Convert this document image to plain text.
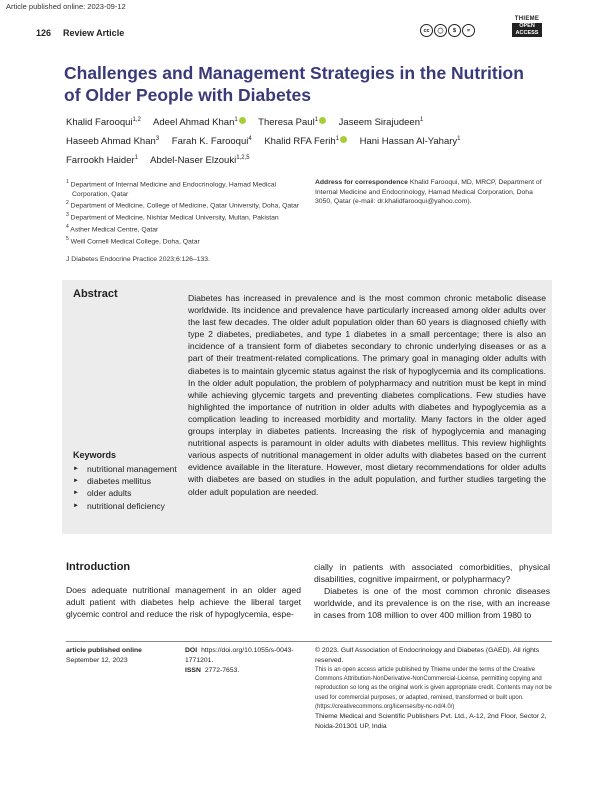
Article published online: 2023-09-12
126 Review Article	cc	◯	$	=
THIEME
OPEN ACCESS
Challenges and Management Strategies in the Nutrition of Older People with Diabetes
Khalid Farooqui$^{1,2}$ Adeel Ahmad Khan$^1$ Theresa Paul$^1$ Jaseem Sirajudeen$^1$
Haseeb Ahmad Khan$^3$ Farah K. Farooqui$^4$ Khalid RFA Ferih$^1$ Hani Hassan Al-Yahary$^1$
Farrookh Haider$^1$ Abdel-Naser Elzouki$^{1,2,5}$
$^1$ Department of Internal Medicine and Endocrinology, Hamad Medical Corporation, Qatar
$^2$ Department of Medicine, College of Medicine, Qatar University, Doha, Qatar
$^3$ Department of Medicine, Nishtar Medical University, Multan, Pakistan
$^4$ Asther Medical Centre, Qatar
$^5$ Weill Cornell Medical College, Doha, Qatar
Address for correspondence Khalid Farooqui, MD, MRCP, Department of Internal Medicine and Endocrinology, Hamad Medical Corporation, Doha 3050, Qatar (e-mail: dr.khalidfarooqui@yahoo.com).
J Diabetes Endocrine Practice 2023;6:126–133.
Abstract	Diabetes has increased in prevalence and is the most common chronic metabolic disease worldwide. Its incidence and prevalence have particularly increased among older adults over the last few decades. The older adult population older than 60 years is diagnosed chiefly with type 2 diabetes, prediabetes, and type 1 diabetes in a small percentage; there is also an incidence of a transient form of diabetes secondary to chronic underlying diseases or as a part of their treatment-related complications. The primary goal in managing older adults with diabetes is to maintain glycemic status against the risk of hypoglycemia and its complications. In the older adult population, the problem of polypharmacy and nutrition must be kept in mind while achieving glycemic targets and preventing diabetes complications. Few studies have highlighted the importance of nutrition in older adults with diabetes and hypoglycemia as a complication leading to increased morbidity and mortality. Many factors in the older aged groups interplay in diabetes patients. Increasing the risk of hypoglycemia and managing nutritional aspects is paramount in older adults with diabetes mellitus. This review highlights various aspects of nutritional management in older adults with diabetes based on the current evidence available in the literature. However, most dietary recommendations for older adults with diabetes are based on studies in the adult population, and further studies targeting the older adult population are needed.
Keywords
► nutritional management
► diabetes mellitus
► older adults
► nutritional deficiency
Introduction
Does adequate nutritional management in an older aged adult patient with diabetes help achieve the liberal target glycemic control and reduce the risk of hypoglycemia, espe-
cially in patients with associated comorbidities, physical disabilities, cognitive impairment, or polypharmacy?
Diabetes is one of the most common chronic diseases worldwide, and its prevalence is on the rise, with an increase in cases from 108 million to over 400 million from 1980 to
article published online
September 12, 2023
DOI https://doi.org/10.1055/s-0043-1771201.
ISSN 2772-7653.
© 2023. Gulf Association of Endocrinology and Diabetes (GAED). All rights reserved.
This is an open access article published by Thieme under the terms of the Creative Commons Attribution-NonDerivative-NonCommercial-License, permitting copying and reproduction so long as the original work is given appropriate credit. Contents may not be used for commercial purposes, or adapted, remixed, transformed or built upon. (https://creativecommons.org/licenses/by-nc-nd/4.0/)
Thieme Medical and Scientific Publishers Pvt. Ltd., A-12, 2nd Floor, Sector 2, Noida-201301 UP, India
